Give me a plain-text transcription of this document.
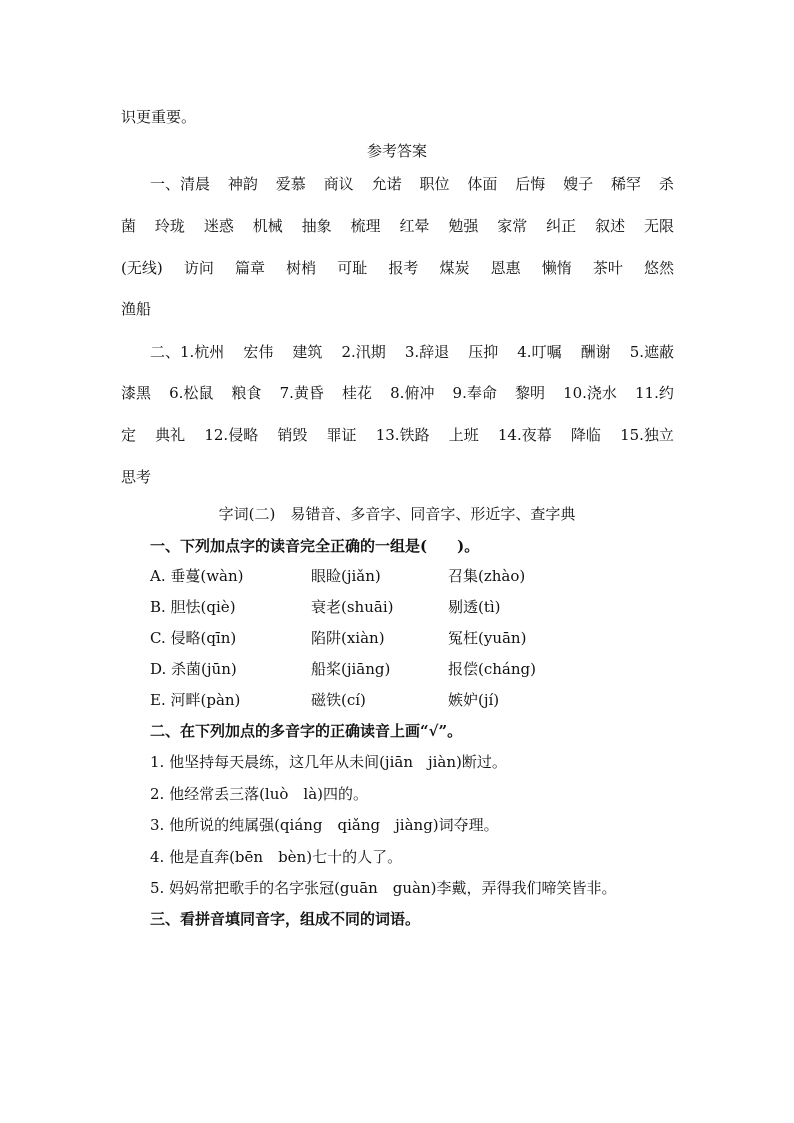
识更重要。
参考答案
一、清晨 神韵 爱慕 商议 允诺 职位 体面 后悔 嫂子 稀罕 杀
菌 玲珑 迷惑 机械 抽象 梳理 红晕 勉强 家常 纠正 叙述 无限
(无线) 访问 篇章 树梢 可耻 报考 煤炭 恩惠 懒惰 茶叶 悠然
渔船
二、1.杭州 宏伟 建筑 2.汛期 3.辞退 压抑 4.叮嘱 酬谢 5.遮蔽
漆黑 6.松鼠 粮食 7.黄昏 桂花 8.俯冲 9.奉命 黎明 10.浇水 11.约
定 典礼 12.侵略 销毁 罪证 13.铁路 上班 14.夜幕 降临 15.独立
思考
字词(二)　易错音、多音字、同音字、形近字、查字典
一、下列加点字的读音完全正确的一组是(　　)。
A. 垂蔓(wàn)	眼睑(jiǎn)	召集(zhào)
B. 胆怯(qiè)	衰老(shuāi)	剔透(tì)
C. 侵略(qīn)	陷阱(xiàn)	冤枉(yuān)
D. 杀菌(jūn)	船桨(jiāng)	报偿(cháng)
E. 河畔(pàn)	磁铁(cí)	嫉妒(jí)
二、在下列加点的多音字的正确读音上画“√”。
1. 他坚持每天晨练，这几年从未间(jiān　jiàn)断过。
2. 他经常丢三落(luò　là)四的。
3. 他所说的纯属强(qiáng　qiǎng　jiàng)词夺理。
4. 他是直奔(bēn　bèn)七十的人了。
5. 妈妈常把歌手的名字张冠(guān　guàn)李戴，弄得我们啼笑皆非。
三、看拼音填同音字，组成不同的词语。
